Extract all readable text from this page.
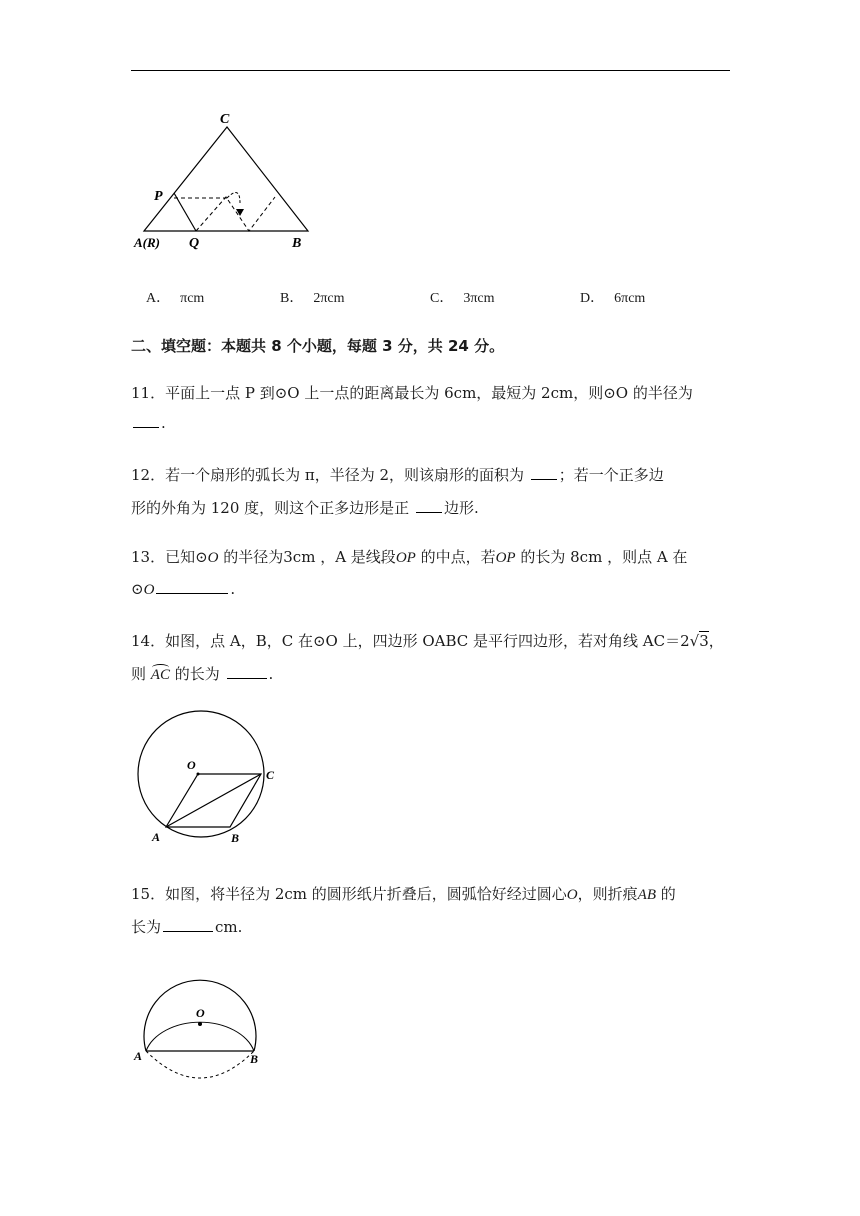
C
P
A(R) Q	B
A． πcm	B． 2πcm	C． 3πcm	D． 6πcm
二、填空题：本题共 8 个小题，每题 3 分，共 24 分。
11．平面上一点 P 到⊙O 上一点的距离最长为 6cm，最短为 2cm，则⊙O 的半径为
.
12．若一个扇形的弧长为 π，半径为 2，则该扇形的面积为 ；若一个正多边
形的外角为 120 度，则这个正多边形是正 边形.
13．已知⊙O 的半径为3cm ，A 是线段OP 的中点，若OP 的长为 8cm ，则点 A 在
⊙O	.
14．如图，点 A，B，C 在⊙O 上，四边形 OABC 是平行四边形，若对角线 AC＝2√3，
则 AC 的长为	.
O
C
A	B
15．如图，将半径为 2cm 的圆形纸片折叠后，圆弧恰好经过圆心O，则折痕AB 的
长为	cm.
O
A	B
